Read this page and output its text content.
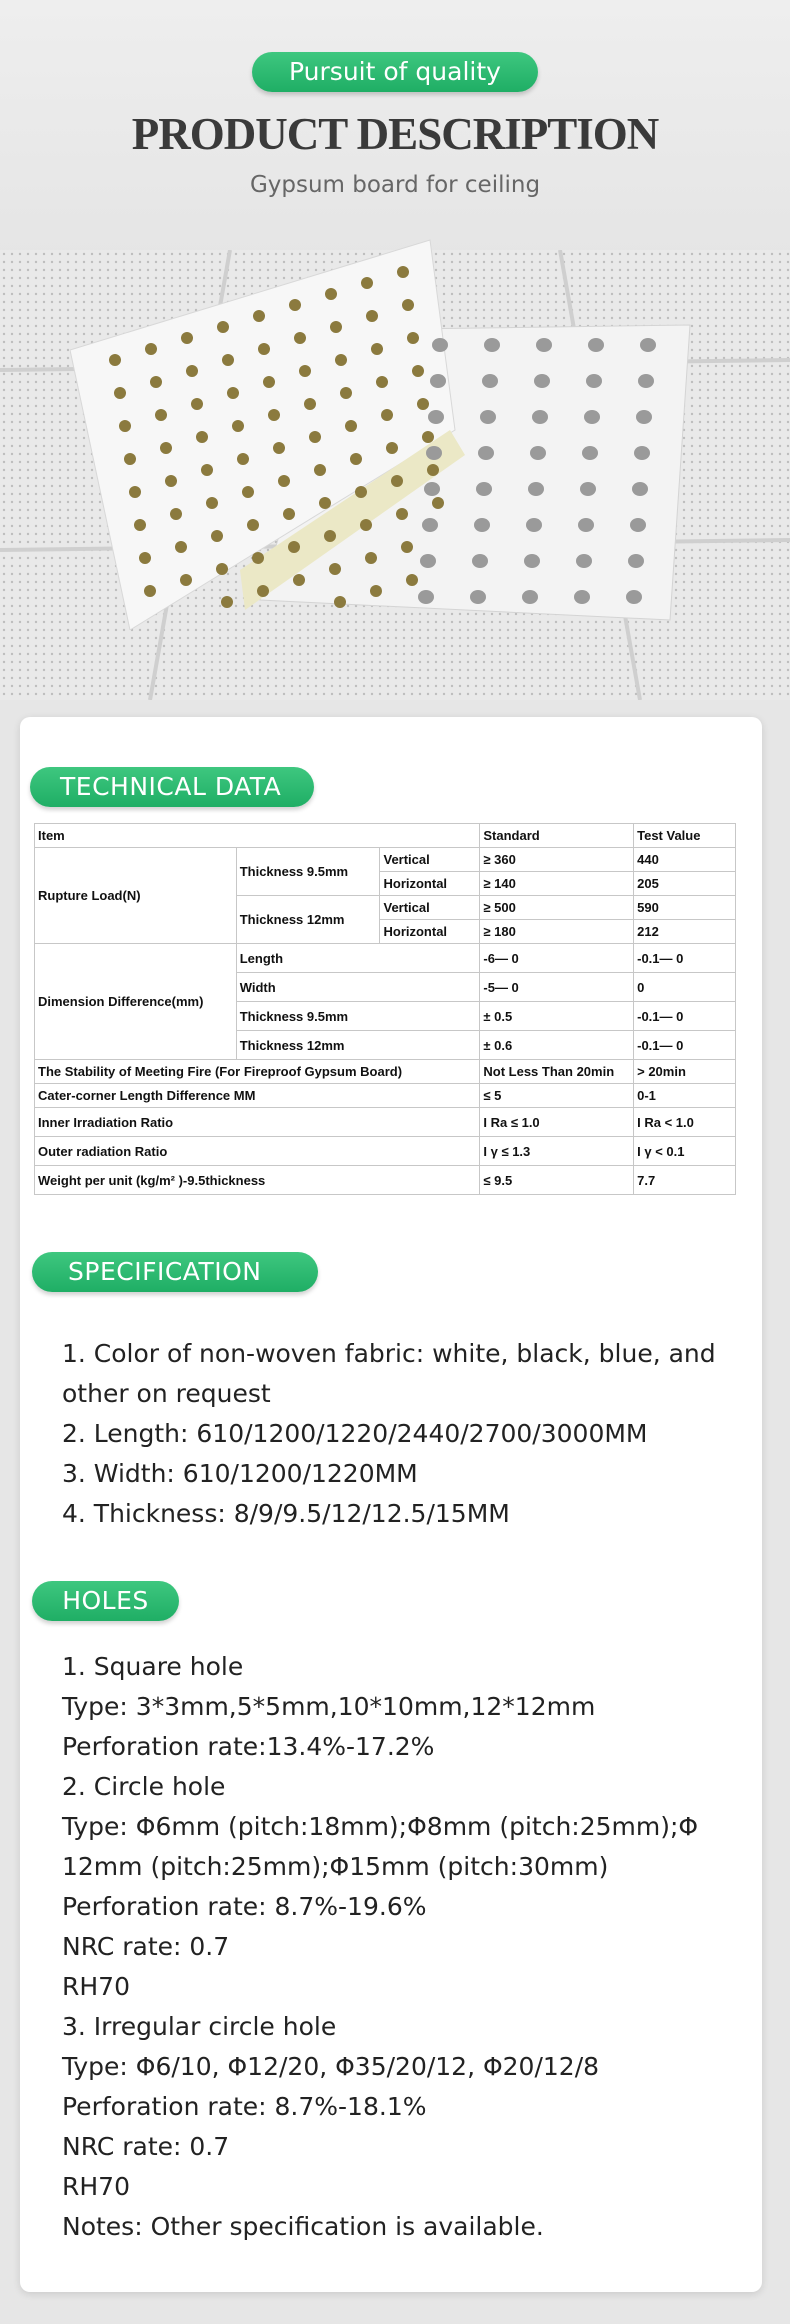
Pursuit of quality
PRODUCT DESCRIPTION
Gypsum board for ceiling
TECHNICAL DATA
Item			Standard	Test Value
Rupture Load(N)	Thickness 9.5mm	Vertical	≥ 360	440
		Horizontal	≥ 140	205
	Thickness 12mm	Vertical	≥ 500	590
		Horizontal	≥ 180	212
Dimension Difference(mm)	Length		-6— 0	-0.1— 0
	Width		-5— 0	0
	Thickness 9.5mm		± 0.5	-0.1— 0
	Thickness 12mm		± 0.6	-0.1— 0
The Stability of Meeting Fire (For Fireproof Gypsum Board)			Not Less Than 20min	> 20min
Cater-corner Length Difference MM			≤ 5	0-1
Inner Irradiation Ratio			I Ra ≤ 1.0	I Ra < 1.0
Outer radiation Ratio			I γ ≤ 1.3	I γ < 0.1
Weight per unit (kg/m² )-9.5thickness			≤ 9.5	7.7
SPECIFICATION
1. Color of non-woven fabric: white, black, blue, and other on request
2. Length: 610/1200/1220/2440/2700/3000MM
3. Width: 610/1200/1220MM
4. Thickness: 8/9/9.5/12/12.5/15MM
HOLES
1. Square hole
Type: 3*3mm,5*5mm,10*10mm,12*12mm
Perforation rate:13.4%-17.2%
2. Circle hole
Type: Φ6mm (pitch:18mm);Φ8mm (pitch:25mm);Φ 12mm (pitch:25mm);Φ15mm (pitch:30mm)
Perforation rate: 8.7%-19.6%
NRC rate: 0.7
RH70
3. Irregular circle hole
Type: Φ6/10, Φ12/20, Φ35/20/12, Φ20/12/8
Perforation rate: 8.7%-18.1%
NRC rate: 0.7
RH70
Notes: Other specification is available.
